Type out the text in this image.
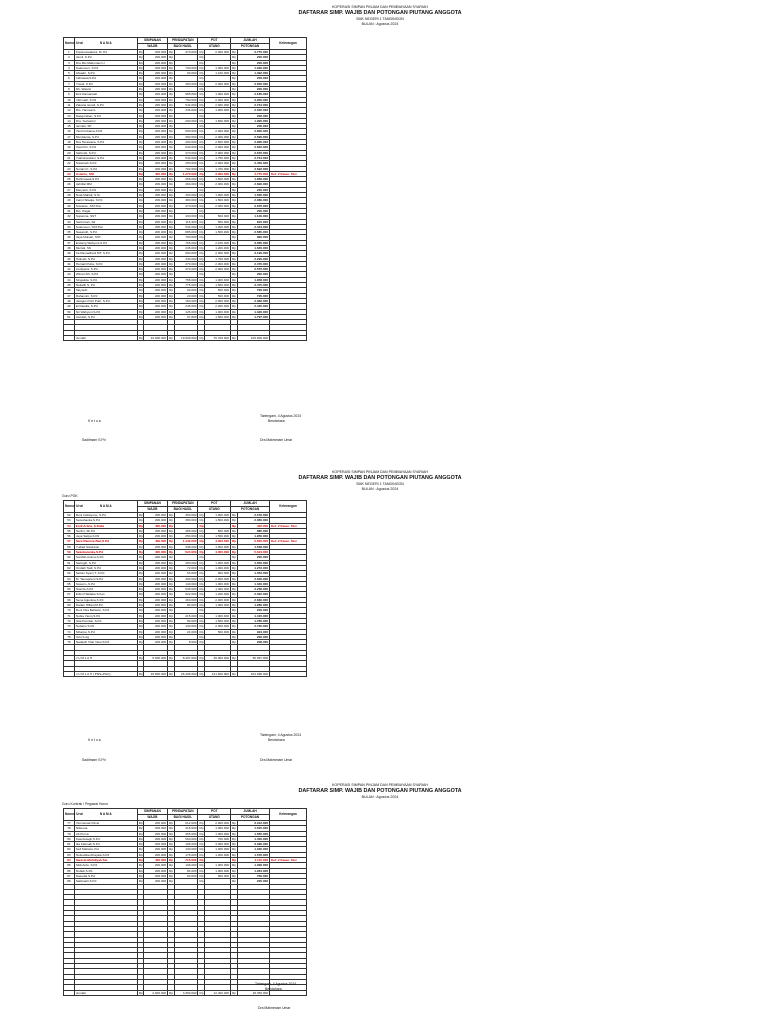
KOPERASI SIMPAN PINJAM DAN PEMBIAYAAN SYARIAH
DAFTARAR SIMP. WAJIB DAN POTONGAN PIUTANG ANGGOTA
SMK NEGERI 1 TANDINGON
BULAN : Agustus 2024
Nomor Urut	N A M A	SIMPANAN		PENDAPATAN		POT		JUMLAH		Keterangan
		WAJIB		BAGI HASIL		UTANG		POTONGAN		
1	Kopanusaalami, M. Pd	Rp	200.000	Rp	470.000	Rp	2.000.000	Rp	2.770.000	
2	Jamil, S.Pd	Rp	200.000	Rp		Rp		Rp	200.000	
3	Dra Mis Makmriani U	Rp	200.000	Rp		Rp		Rp	200.000	
4	Suaimoen, S.Pd	Rp	200.000	Rp	730.000	Rp	1.000.000	Rp	1.930.000	
5	Alwadri, S.Pd	Rp	200.000	Rp	90.000	Rp	1.100.000	Rp	1.392.000	
6	Indrawati,S.Pd	Rp	200.000	Rp		Rp		Rp	200.000	
7	Yusuli, S.Pd	Rp	200.000	Rp	450.000	Rp	2.000.000	Rp	2.650.000	
8	Dh. Waarsi	Rp	200.000	Rp		Rp		Rp	200.000	
9	Erni Damarwati	Rp	200.000	Rp	985.000	Rp	1.000.000	Rp	2.185.000	
10	Yahmadi, S.Pd	Rp	200.000	Rp	750.000	Rp	2.000.000	Rp	2.950.000	
11	Zakaria Ismail, S.Pd	Rp	200.000	Rp	544.000	Rp	2.000.000	Rp	2.744.000	
12	Dts. Hamsami	Rp	200.000	Rp	345.000	Rp	1.000.000	Rp	2.045.000	
13	Nasgundian, S.Pd	Rp	200.000	Rp		Rp		Rp	200.000	
14	Dra. Suriasrini	Rp	200.000	Rp	200.000	Rp	1.500.000	Rp	1.900.000	
15	Jamiati, SP	Rp	200.000	Rp		Rp		Rp	200.000	
16	Yanti Febiana,S.Pd	Rp	200.000	Rp	600.000	Rp	2.000.000	Rp	2.800.000	
17	Murdiantia, S.Pd	Rp	200.000	Rp	390.000	Rp	2.000.000	Rp	2.590.000	
18	Dra Herawaca, S.Pd	Rp	200.000	Rp	290.000	Rp	2.500.000	Rp	2.990.000	
19	Irwa Fitri, S.Pd	Rp	200.000	Rp	640.000	Rp	2.000.000	Rp	2.840.000	
20	Sahmidi, S.Pd	Rp	200.000	Rp	470.000	Rp	2.000.000	Rp	2.670.000	
21	Yuarsinandani, S.Pd	Rp	200.000	Rp	544.000	Rp	1.750.000	Rp	2.744.000	
22	Sulaimah,S.Pd	Rp	200.000	Rp	250.000	Rp	2.000.000	Rp	2.450.000	
23	Nuraini K, S.Pd	Rp	200.000	Rp	792.000	Rp	1.700.000	Rp	2.692.000	
24	Asianto, SSt	Rp	400.000	Rp	1.270.000	Rp	3.000.000	Rp	4.770.000	Ket: 2 Kauer. Stst
25	Rahmawati,S.Pd	Rp	200.000	Rp	258.000	Rp	1.500.000	Rp	1.958.000	
26	Jahrifal MM	Rp	200.000	Rp	490.000	Rp	2.000.000	Rp	2.690.000	
27	Maryanti, S.Pd	Rp	200.000	Rp		Rp		Rp	200.000	
28	Nuta Mahidi, S.Si	Rp	200.000	Rp	300.000	Rp	1.000.000	Rp	1.500.000	
29	Inarni Sitaqia, S.Pd	Rp	200.000	Rp	380.000	Rp	1.500.000	Rp	2.080.000	
30	Suwanto, SST.Par	Rp	200.000	Rp	470.000	Rp	2.000.000	Rp	2.670.000	
31	Dts. Pagar	Rp	200.000	Rp		Rp		Rp	200.000	
32	Suparma, SST	Rp	200.000	Rp	430.000	Rp	500.000	Rp	1.130.000	
33	Sarinimari, Sd	Rp	200.000	Rp	115.400	Rp	500.000	Rp	815.000	
34	Suaimoen, SST.Par	Rp	200.000	Rp	544.000	Rp	1.200.000	Rp	2.444.000	
35	Nasaruih, S.Pd	Rp	200.000	Rp	885.000	Rp	1.500.000	Rp	2.585.000	
36	Jaya Mulsari, SST	Rp	200.000	Rp	760.000	Rp		Rp	960.000	
37	Endang Wahyuni,S.Pd	Rp	200.000	Rp	765.000	Rp	2.100.000	Rp	3.065.000	
38	Meirati, SS	Rp	200.000	Rp	245.000	Rp	1.200.000	Rp	1.645.000	
39	Ira Ramadhani MT, S.Pd	Rp	200.000	Rp	990.000	Rp	2.000.000	Rp	3.190.000	
40	Hidnaih, S.Pd	Rp	200.000	Rp	340.000	Rp	1.750.000	Rp	2.290.000	
41	Hernali Putra, S.Pd	Rp	200.000	Rp	270.000	Rp	2.000.000	Rp	2.470.000	
42	Lindiyana, S.Pd	Rp	200.000	Rp	370.000	Rp	2.000.000	Rp	2.570.000	
43	Winari Alfi, S.Pd	Rp	200.000	Rp		Rp		Rp	200.000	
44	Singaiida, S.Pd	Rp	200.000	Rp	758.000	Rp	1.000.000	Rp	1.958.000	
45	Neilatih S, Pd	Rp	200.000	Rp	775.000	Rp	1.500.000	Rp	2.475.000	
46	Skiyasih	Rp	200.000	Rp	90.000	Rp	500.000	Rp	790.000	
47	Rahamini, S.Pd	Rp	200.000	Rp	20.000	Rp	500.000	Rp	720.000	
48	Jatagus Putri Putri, S.Pd	Rp	200.000	Rp	160.000	Rp	2.000.000	Rp	2.360.000	
49	El Rasdia, S.Pd	Rp	200.000	Rp	245.000	Rp	2.000.000	Rp	2.445.000	
50	Nir Wahyuni,S.Pd	Rp	200.000	Rp	126.000	Rp	1.000.000	Rp	1.326.000	
51	Asridah, S.Pd	Rp	200.000	Rp	97.800	Rp	1.500.000	Rp	1.797.000	

	Jumlah	Rp	10.600.000	Rp	19.909.000	Rp	76.700.000	Rp	106.909.000	
Tabengam, 4 Agustus 2024
K e t u a	Bendahara
Saditmam S.Pd	Dra Makmmam Umar
KOPERASI SIMPAN PINJAM DAN PEMBIAYAAN SYARIAH
DAFTARAR SIMP. WAJIB DAN POTONGAN PIUTANG ANGGOTA
SMK NEGERI 1 TANDINGON
BULAN : Agustus 2024
Guru PGK
Nomor Urut	N A M A	SIMPANAN		PENDAPATAN		POT		JUMLAH		Keterangan
		WAJIB		BAGI HASIL		UTANG		POTONGAN		
52	Reni Inditayono, S.Pd	Rp	200.000	Rp	450.000	Rp	1.000.000	Rp	2.150.000	
53	Setsuhanka,S.Pd	Rp	200.000	Rp	380.000	Rp	1.500.000	Rp	2.080.000	
54	Endi Arlina, S.Kiala	Rp	400.000	Rp		Rp		Rp	400.000	Ket: 2 Kauer. Stst
55	Sertini, Sh.Pd	Rp	200.000	Rp	385.000	Rp	500.000	Rp	985.000	
56	Jaya Saliya,S.Pd	Rp	200.000	Rp	250.000	Rp	1.500.000	Rp	1.950.000	
57	Sare Ramina Biet,S.Pd	Rp	400.000	Rp	1.440.000	Rp	4.000.000	Rp	5.840.000	Ket: 2 Kauer. Stst
58	Yudiati Siswianto	Rp	200.000	Rp	348.000	Rp	1.000.000	Rp	1.548.000	
59	Sekobaranka,S.Pd	Rp	400.000	Rp	524.000	Rp	4.000.000	Rp	5.324.000	
60	Sunifah Anima,S.Pd	Rp	200.000	Rp		Rp		Rp	200.000	
61	Sariugih, S.Pd	Rp	200.000	Rp	450.000	Rp	1.000.000	Rp	1.650.000	
62	Ondiah Tadi, S.Pd	Rp	200.000	Rp	72.000	Rp	1.000.000	Rp	1.272.000	
63	Seban Syam T, S.Pd	Rp	200.000	Rp	53.000	Rp	800.000	Rp	1.053.000	
64	M. Taeraprieni S.Pd	Rp	200.000	Rp	400.000	Rp	2.000.000	Rp	2.600.000	
65	Susan L,S.Pd	Rp	200.000	Rp	140.000	Rp	1.000.000	Rp	1.340.000	
66	Nasrita,S.Pd	Rp	200.000	Rp	638.000	Rp	1.400.000	Rp	2.238.000	
67	Erlimi Halitaka S.Kes	Rp	200.000	Rp	622.000	Rp	1.200.000	Rp	2.022.000	
68	Sena Agustina,S.Pd	Rp	200.000	Rp	460.000	Rp	2.000.000	Rp	2.660.000	
69	Dadan Hilfani,M.Pd	Rp	200.000	Rp	80.000	Rp	1.000.000	Rp	1.280.000	
70	Reni Inka Bellasta, S.Pd	Rp	200.000	Rp		Rp		Rp	200.000	
71	Nobia Yanni,S.Pd	Rp	200.000	Rp	215.000	Rp	1.000.000	Rp	1.415.000	
72	Isita Pembai, S.Pd	Rp	200.000	Rp	80.000	Rp	1.500.000	Rp	1.780.000	
73	Nobairu S.Pd	Rp	200.000	Rp	130.000	Rp	2.000.000	Rp	2.730.000	
74	Sihaimo,S.Pd	Rp	200.000	Rp	24.000	Rp	500.000	Rp	924.000	
75	Juhi S.Ag	Rp	200.000	Rp		Rp		Rp	200.000	
76	Nadasih Vitai Yatul,S.Pd	Rp	200.000	Rp	8.000	Rp		Rp	208.000	

	J U M L A H	Rp	5.600.000	Rp	8.497.000	Rp	36.900.000	Rp	50.997.000	

	J U M L A H ( PNS+PGK)	Rp	15.800.000	Rp	26.408.000	Rp	121.600.000	Rp	164.098.000	
Tabengam, 4 Agustus 2024
K e t u a	Bendahara
Saditmam S.Pd	Dra Makmmam Umar
KOPERASI SIMPAN PINJAM DAN PEMBIAYAAN SYARIAH
DAFTARAR SIMP. WAJIB DAN POTONGAN PIUTANG ANGGOTA
BULAN : Agustus 2024
Guru Kontrak / Pegawai Honor
Nomor Urut	N A M A	SIMPANAN		PENDAPATAN		POT		JUMLAH		Keterangan
		WAJIB		BAGI HASIL		UTANG		POTONGAN		
77	Yermansari Divel	Rp	200.000	Rp	612.000	Rp	2.000.000	Rp	3.012.000	
78	Nitteuna	Rp	200.000	Rp	415.000	Rp	1.000.000	Rp	1.615.000	
79	Alt Purna	Rp	200.000	Rp	365.000	Rp	1.000.000	Rp	1.565.000	
80	Kasebulagir,S.Pd	Rp	200.000	Rp	500.000	Rp	700.000	Rp	1.400.000	
81	Ika Fatimah,S.Pd	Rp	200.000	Rp	196.000	Rp	3.000.000	Rp	3.396.000	
82	Sefi Mahwia, Pel	Rp	200.000	Rp	130.000	Rp	1.000.000	Rp	1.330.000	
83	Nofesidka Afrayala,S.Pd	Rp	200.000	Rp	176.000	Rp	1.200.000	Rp	1.576.000	
84	Swasta Muhdiyah Sie	Rp	400.000	Rp	715.000	Rp		Rp	1.115.000	Ket: 2 Kauer. Stst
85	Slidi Anfa, S.Pd	Rp	200.000	Rp	106.000	Rp	1.000.000	Rp	1.306.000	
86	Nufadi,S.Pd	Rp	200.000	Rp	84.000	Rp	1.000.000	Rp	1.284.000	
87	Nasedia S.Pd	Rp	200.000	Rp	60.000	Rp	500.000	Rp	760.000	
88	Sabiinarti,S.Pd	Rp	200.000	Rp		Rp		Rp	200.000	

	Jumlah	Rp	2.600.000	Rp	3.359.000	Rp	12.400.000	Rp	18.359.000	
Tabengam, 4 Agustus 2024
Bendahara
Dra Makmmam Umar
